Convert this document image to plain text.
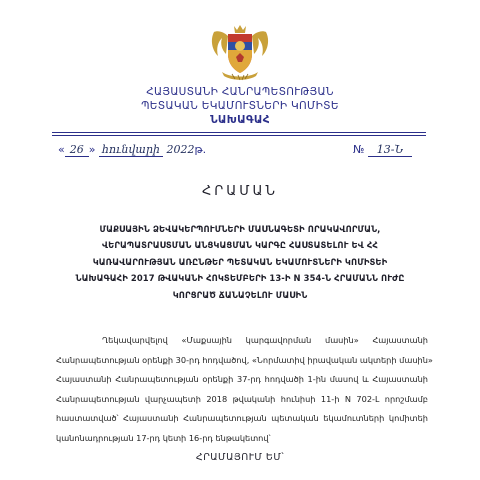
ՀԱՅԱՍՏԱՆԻ ՀԱՆՐԱՊԵՏՈՒԹՅԱՆ
ՊԵՏԱԿԱՆ ԵԿԱՄՈՒՏՆԵՐԻ ԿՈՄԻՏԵ
ՆԱԽԱԳԱՀ
« 26 » հունվարի 2022թ.	№ 13-Ն
ՀՐԱՄԱՆ
ՄԱՔՍԱՅԻՆ ՁԵՎԱԿԵՐՊՈՒՄՆԵՐԻ ՄԱՍՆԱԳԵՏԻ ՈՐԱԿԱՎՈՐՄԱՆ,
ՎԵՐԱՊԱՏՐԱՍՏՄԱՆ ԱՆՑԿԱՑՄԱՆ ԿԱՐԳԸ ՀԱՍՏԱՏԵԼՈՒ ԵՎ ՀՀ
ԿԱՌԱՎԱՐՈՒԹՅԱՆ ԱՌԸՆԹԵՐ ՊԵՏԱԿԱՆ ԵԿԱՄՈՒՏՆԵՐԻ ԿՈՄԻՏԵԻ
ՆԱԽԱԳԱՀԻ 2017 ԹՎԱԿԱՆԻ ՀՈԿՏԵՄԲԵՐԻ 13-Ի N 354-Ն ՀՐԱՄԱՆՆ ՈՒԺԸ
ԿՈՐՑՐԱԾ ՃԱՆԱՉԵԼՈՒ ՄԱՍԻՆ
Ղեկավարվելով «Մաքսային կարգավորման մասին» Հայաստանի
Հանրապետության օրենքի 30-րդ հոդվածով, «Նորմատիվ իրավական ակտերի մասին»
Հայաստանի Հանրապետության օրենքի 37-րդ հոդվածի 1-ին մասով և Հայաստանի
Հանրապետության վարչապետի 2018 թվականի հունիսի 11-ի N 702-Լ որոշմամբ
հաստատված՝ Հայաստանի Հանրապետության պետական եկամուտների կոմիտեի
կանոնադրության 17-րդ կետի 16-րդ ենթակետով՝
ՀՐԱՄԱՅՈՒՄ ԵՄ՝
